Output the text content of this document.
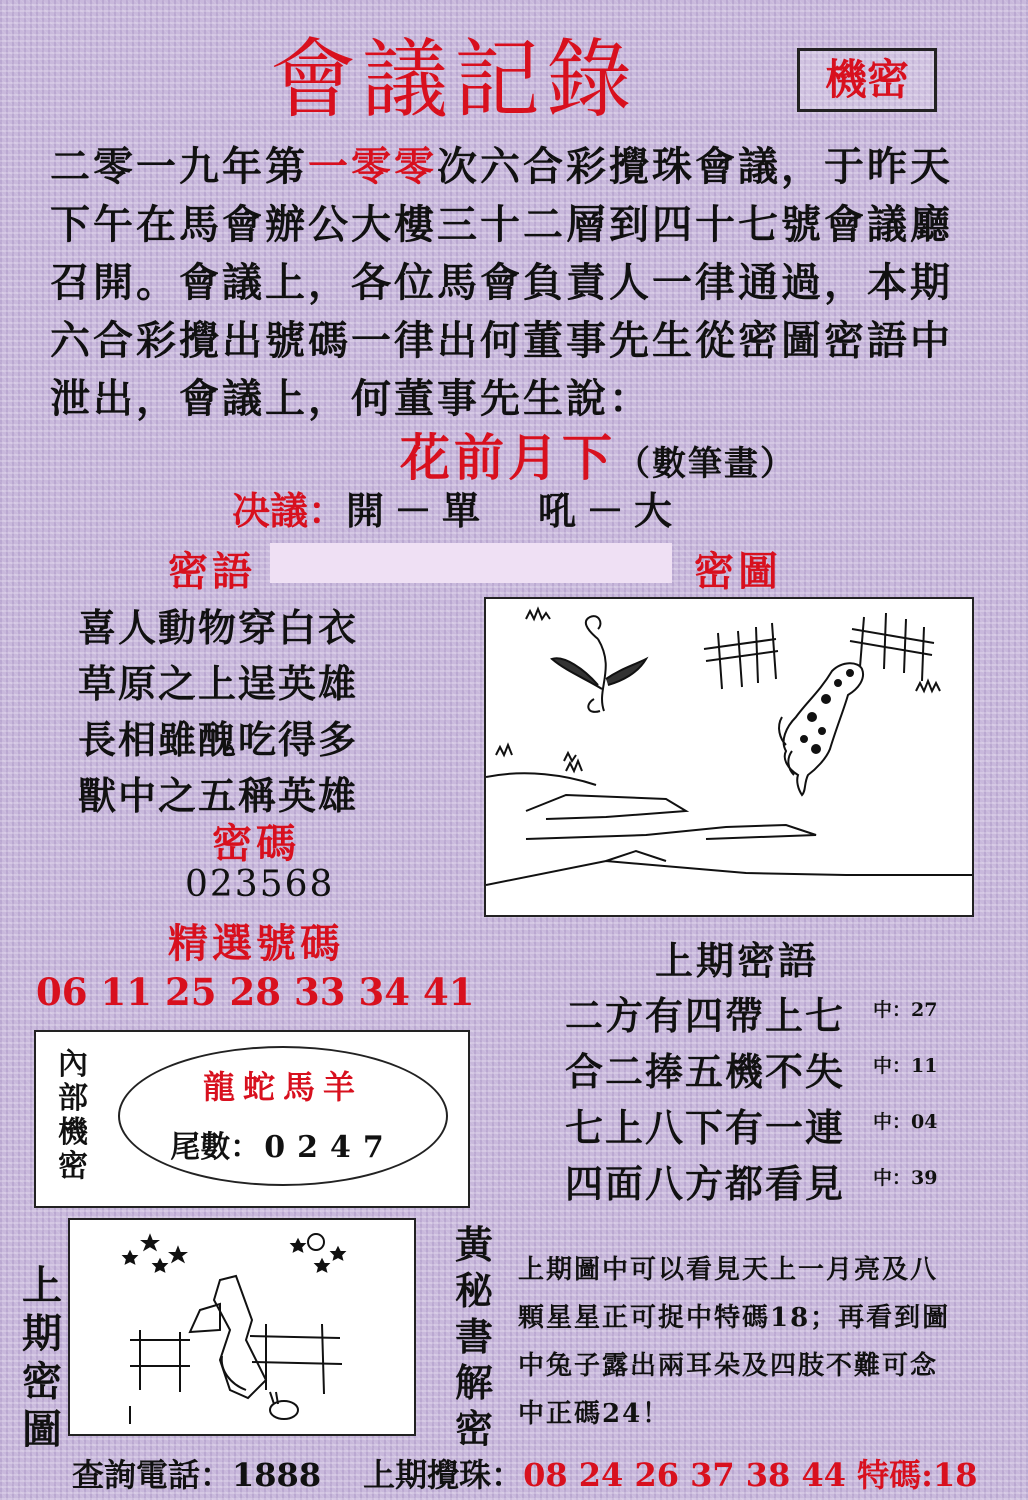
會議記錄	機密
二零一九年第一零零次六合彩攪珠會議，于昨天
下午在馬會辦公大樓三十二層到四十七號會議廳
召開。會議上，各位馬會負責人一律通過，本期
六合彩攪出號碼一律出何董事先生從密圖密語中
泄出，會議上，何董事先生說：
花前月下（數筆畫）
决議：開－單　吼－大
密語	密圖
喜人動物穿白衣
草原之上逞英雄
長相雖醜吃得多
獸中之五稱英雄
密碼
023568
精選號碼
06 11 25 28 33 34 41
上期密語
二方有四帶上七 中：27
合二捧五機不失 中：11
七上八下有一連 中：04
四面八方都看見 中：39
內
部
機
密
龍蛇馬羊
尾數： 0247
上
期
密
圖
黃
秘
書
解
密
上期圖中可以看見天上一月亮及八
顆星星正可捉中特碼18；再看到圖
中兔子露出兩耳朵及四肢不難可念
中正碼24！
查詢電話：1888 上期攪珠：08 24 26 37 38 44 特碼:18
